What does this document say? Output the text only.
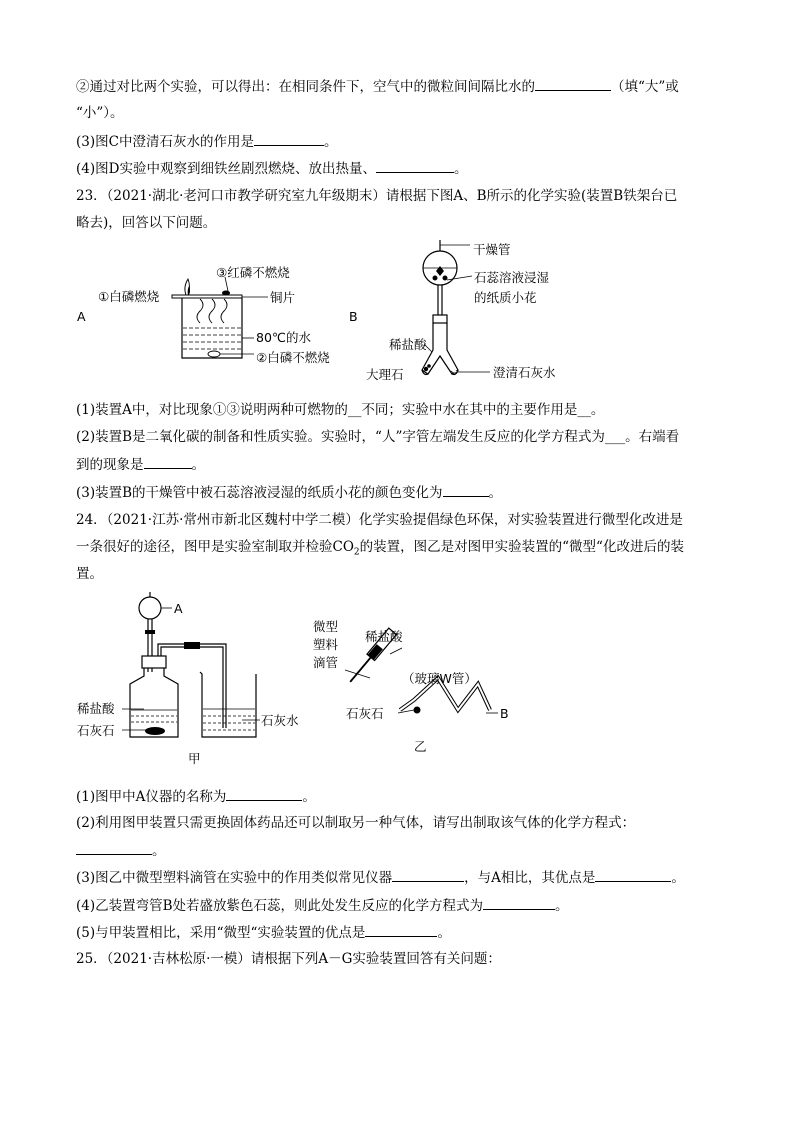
②通过对比两个实验，可以得出：在相同条件下，空气中的微粒间间隔比水的	（填“大”或
“小”）。
(3)图C中澄清石灰水的作用是	。
(4)图D实验中观察到细铁丝剧烈燃烧、放出热量、	。
23．（2021·湖北·老河口市教学研究室九年级期末）请根据下图A、B所示的化学实验(装置B铁架台已
略去)，回答以下问题。
A
③红磷不燃烧
①白磷燃烧	铜片
80℃的水
②白磷不燃烧
B
干燥管
石蕊溶液浸湿
的纸质小花
稀盐酸
大理石	澄清石灰水
(1)装置A中，对比现象①③说明两种可燃物的__不同；实验中水在其中的主要作用是__。
(2)装置B是二氧化碳的制备和性质实验。实验时，“人”字管左端发生反应的化学方程式为___。右端看
到的现象是	。
(3)装置B的干燥管中被石蕊溶液浸湿的纸质小花的颜色变化为	。
24．（2021·江苏·常州市新北区魏村中学二模）化学实验提倡绿色环保，对实验装置进行微型化改进是
一条很好的途径，图甲是实验室制取并检验$CO_2$的装置，图乙是对图甲实验装置的“微型“化改进后的装
置。
A
稀盐酸
石灰石
石灰水
甲
微型
塑料
滴管
稀盐酸
（玻璃W管）
石灰石	B
乙
(1)图甲中A仪器的名称为	。
(2)利用图甲装置只需更换固体药品还可以制取另一种气体，请写出制取该气体的化学方程式：
。
(3)图乙中微型塑料滴管在实验中的作用类似常见仪器	，与A相比，其优点是	。
(4)乙装置弯管B处若盛放紫色石蕊，则此处发生反应的化学方程式为	。
(5)与甲装置相比，采用“微型“实验装置的优点是	。
25．（2021·吉林松原·一模）请根据下列A－G实验装置回答有关问题：
